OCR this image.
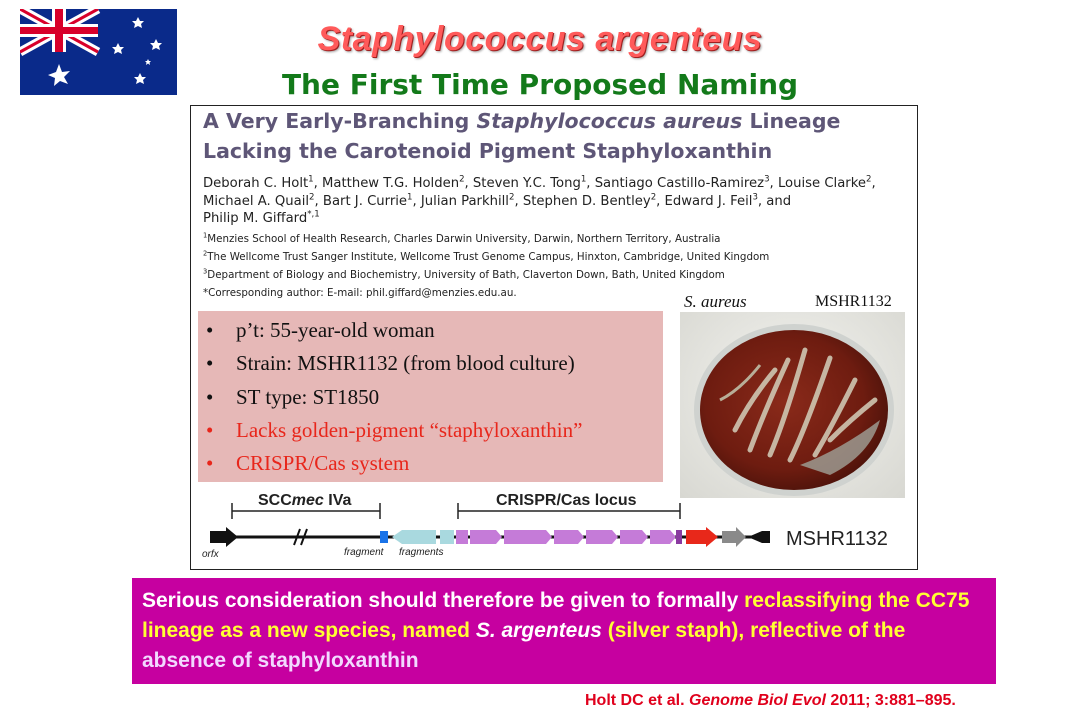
Staphylococcus argenteus
The First Time Proposed Naming
A Very Early-Branching Staphylococcus aureus Lineage
Lacking the Carotenoid Pigment Staphyloxanthin
Deborah C. Holt$^1$, Matthew T.G. Holden$^2$, Steven Y.C. Tong$^1$, Santiago Castillo-Ramirez$^3$, Louise Clarke$^2$,
Michael A. Quail$^2$, Bart J. Currie$^1$, Julian Parkhill$^2$, Stephen D. Bentley$^2$, Edward J. Feil$^3$, and
Philip M. Giffard$^{*,1}$
$^1$Menzies School of Health Research, Charles Darwin University, Darwin, Northern Territory, Australia
$^2$The Wellcome Trust Sanger Institute, Wellcome Trust Genome Campus, Hinxton, Cambridge, United Kingdom
$^3$Department of Biology and Biochemistry, University of Bath, Claverton Down, Bath, United Kingdom
*Corresponding author: E-mail: phil.giffard@menzies.edu.au.
• p’t: 55-year-old woman
• Strain: MSHR1132 (from blood culture)
• ST type: ST1850
• Lacks golden-pigment “staphyloxanthin”
• CRISPR/Cas system
S. aureus	MSHR1132
SCCmec IVa	CRISPR/Cas locus
orfx	fragment fragments
MSHR1132
Serious consideration should therefore be given to formally reclassifying the CC75 lineage as a new species, named S. argenteus (silver staph), reflective of the absence of staphyloxanthin
Holt DC et al. Genome Biol Evol 2011; 3:881–895.
